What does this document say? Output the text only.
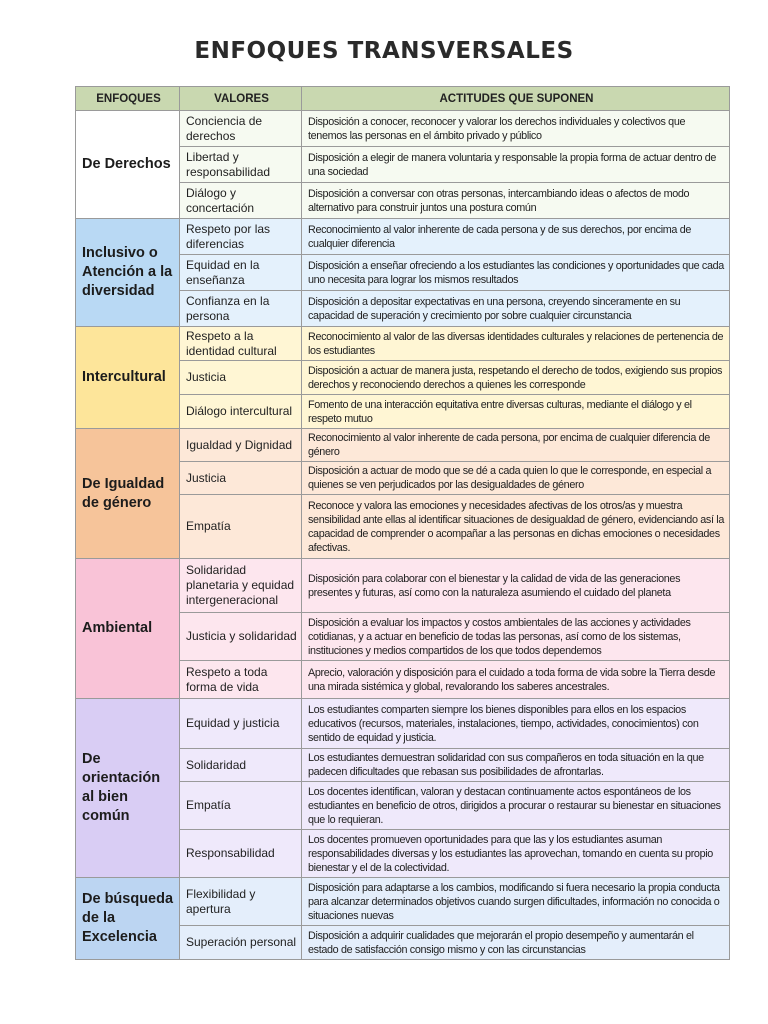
ENFOQUES TRANSVERSALES
ENFOQUES	VALORES	ACTITUDES QUE SUPONEN
De Derechos	Conciencia de derechos	Disposición a conocer, reconocer y valorar los derechos individuales y colectivos que tenemos las personas en el ámbito privado y público
	Libertad y responsabilidad	Disposición a elegir de manera voluntaria y responsable la propia forma de actuar dentro de una sociedad
	Diálogo y concertación	Disposición a conversar con otras personas, intercambiando ideas o afectos de modo alternativo para construir juntos una postura común
Inclusivo o Atención a la diversidad	Respeto por las diferencias	Reconocimiento al valor inherente de cada persona y de sus derechos, por encima de cualquier diferencia
	Equidad en la enseñanza	Disposición a enseñar ofreciendo a los estudiantes las condiciones y oportunidades que cada uno necesita para lograr los mismos resultados
	Confianza en la persona	Disposición a depositar expectativas en una persona, creyendo sinceramente en su capacidad de superación y crecimiento por sobre cualquier circunstancia
Intercultural	Respeto a la identidad cultural	Reconocimiento al valor de las diversas identidades culturales y relaciones de pertenencia de los estudiantes
	Justicia	Disposición a actuar de manera justa, respetando el derecho de todos, exigiendo sus propios derechos y reconociendo derechos a quienes les corresponde
	Diálogo intercultural	Fomento de una interacción equitativa entre diversas culturas, mediante el diálogo y el respeto mutuo
De Igualdad de género	Igualdad y Dignidad	Reconocimiento al valor inherente de cada persona, por encima de cualquier diferencia de género
	Justicia	Disposición a actuar de modo que se dé a cada quien lo que le corresponde, en especial a quienes se ven perjudicados por las desigualdades de género
	Empatía	Reconoce y valora las emociones y necesidades afectivas de los otros/as y muestra sensibilidad ante ellas al identificar situaciones de desigualdad de género, evidenciando así la capacidad de comprender o acompañar a las personas en dichas emociones o necesidades afectivas.
Ambiental	Solidaridad planetaria y equidad intergeneracional	Disposición para colaborar con el bienestar y la calidad de vida de las generaciones presentes y futuras, así como con la naturaleza asumiendo el cuidado del planeta
	Justicia y solidaridad	Disposición a evaluar los impactos y costos ambientales de las acciones y actividades cotidianas, y a actuar en beneficio de todas las personas, así como de los sistemas, instituciones y medios compartidos de los que todos dependemos
	Respeto a toda forma de vida	Aprecio, valoración y disposición para el cuidado a toda forma de vida sobre la Tierra desde una mirada sistémica y global, revalorando los saberes ancestrales.
De orientación al bien común	Equidad y justicia	Los estudiantes comparten siempre los bienes disponibles para ellos en los espacios educativos (recursos, materiales, instalaciones, tiempo, actividades, conocimientos) con sentido de equidad y justicia.
	Solidaridad	Los estudiantes demuestran solidaridad con sus compañeros en toda situación en la que padecen dificultades que rebasan sus posibilidades de afrontarlas.
	Empatía	Los docentes identifican, valoran y destacan continuamente actos espontáneos de los estudiantes en beneficio de otros, dirigidos a procurar o restaurar su bienestar en situaciones que lo requieran.
	Responsabilidad	Los docentes promueven oportunidades para que las y los estudiantes asuman responsabilidades diversas y los estudiantes las aprovechan, tomando en cuenta su propio bienestar y el de la colectividad.
De búsqueda de la Excelencia	Flexibilidad y apertura	Disposición para adaptarse a los cambios, modificando si fuera necesario la propia conducta para alcanzar determinados objetivos cuando surgen dificultades, información no conocida o situaciones nuevas
	Superación personal	Disposición a adquirir cualidades que mejorarán el propio desempeño y aumentarán el estado de satisfacción consigo mismo y con las circunstancias
